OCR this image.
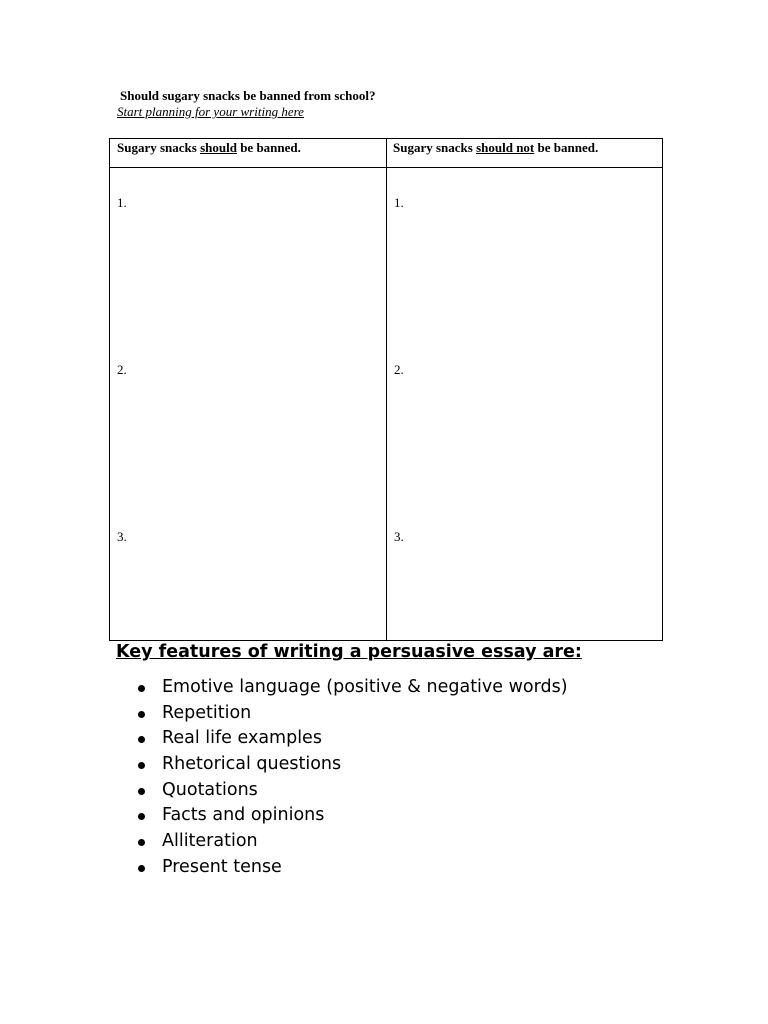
Should sugary snacks be banned from school?
Start planning for your writing here
Sugary snacks should be banned.	Sugary snacks should not be banned.
1.
2.
3.
1.
2.
3.
Key features of writing a persuasive essay are:
Emotive language (positive & negative words)
Repetition
Real life examples
Rhetorical questions
Quotations
Facts and opinions
Alliteration
Present tense
